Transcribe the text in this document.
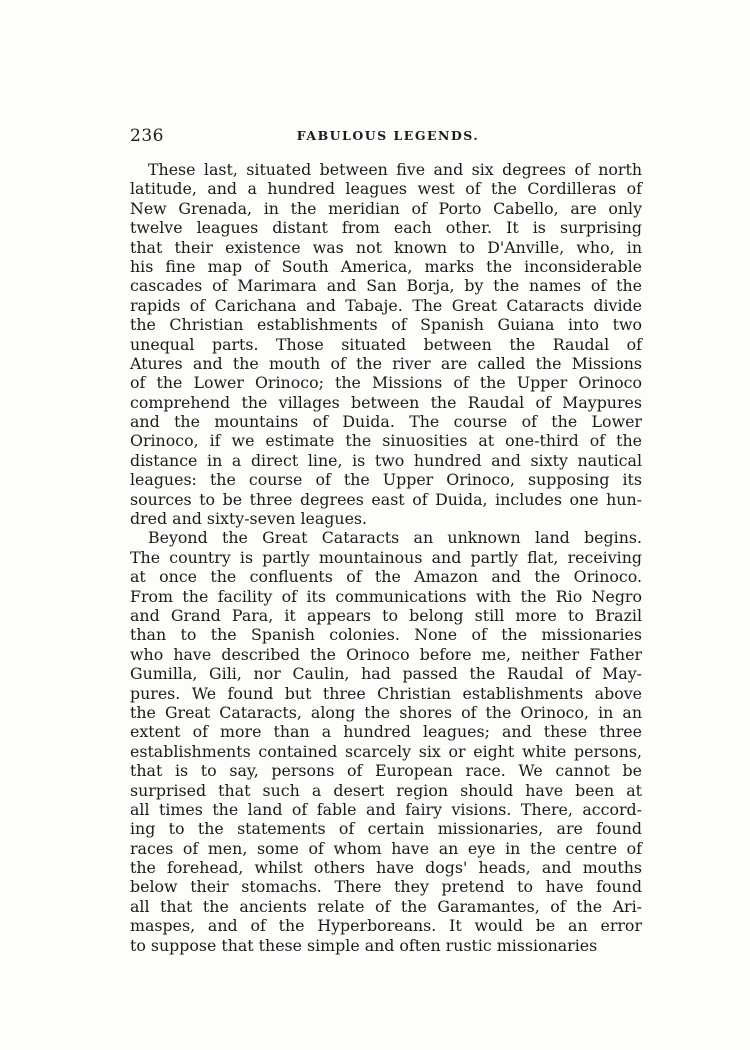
236	FABULOUS LEGENDS.
These last, situated between five and six degrees of north
latitude, and a hundred leagues west of the Cordilleras of
New Grenada, in the meridian of Porto Cabello, are only
twelve leagues distant from each other. It is surprising
that their existence was not known to D'Anville, who, in
his fine map of South America, marks the inconsiderable
cascades of Marimara and San Borja, by the names of the
rapids of Carichana and Tabaje. The Great Cataracts divide
the Christian establishments of Spanish Guiana into two
unequal parts. Those situated between the Raudal of
Atures and the mouth of the river are called the Missions
of the Lower Orinoco; the Missions of the Upper Orinoco
comprehend the villages between the Raudal of Maypures
and the mountains of Duida. The course of the Lower
Orinoco, if we estimate the sinuosities at one-third of the
distance in a direct line, is two hundred and sixty nautical
leagues: the course of the Upper Orinoco, supposing its
sources to be three degrees east of Duida, includes one hun-
dred and sixty-seven leagues.
Beyond the Great Cataracts an unknown land begins.
The country is partly mountainous and partly flat, receiving
at once the confluents of the Amazon and the Orinoco.
From the facility of its communications with the Rio Negro
and Grand Para, it appears to belong still more to Brazil
than to the Spanish colonies. None of the missionaries
who have described the Orinoco before me, neither Father
Gumilla, Gili, nor Caulin, had passed the Raudal of May-
pures. We found but three Christian establishments above
the Great Cataracts, along the shores of the Orinoco, in an
extent of more than a hundred leagues; and these three
establishments contained scarcely six or eight white persons,
that is to say, persons of European race. We cannot be
surprised that such a desert region should have been at
all times the land of fable and fairy visions. There, accord-
ing to the statements of certain missionaries, are found
races of men, some of whom have an eye in the centre of
the forehead, whilst others have dogs' heads, and mouths
below their stomachs. There they pretend to have found
all that the ancients relate of the Garamantes, of the Ari-
maspes, and of the Hyperboreans. It would be an error
to suppose that these simple and often rustic missionaries
